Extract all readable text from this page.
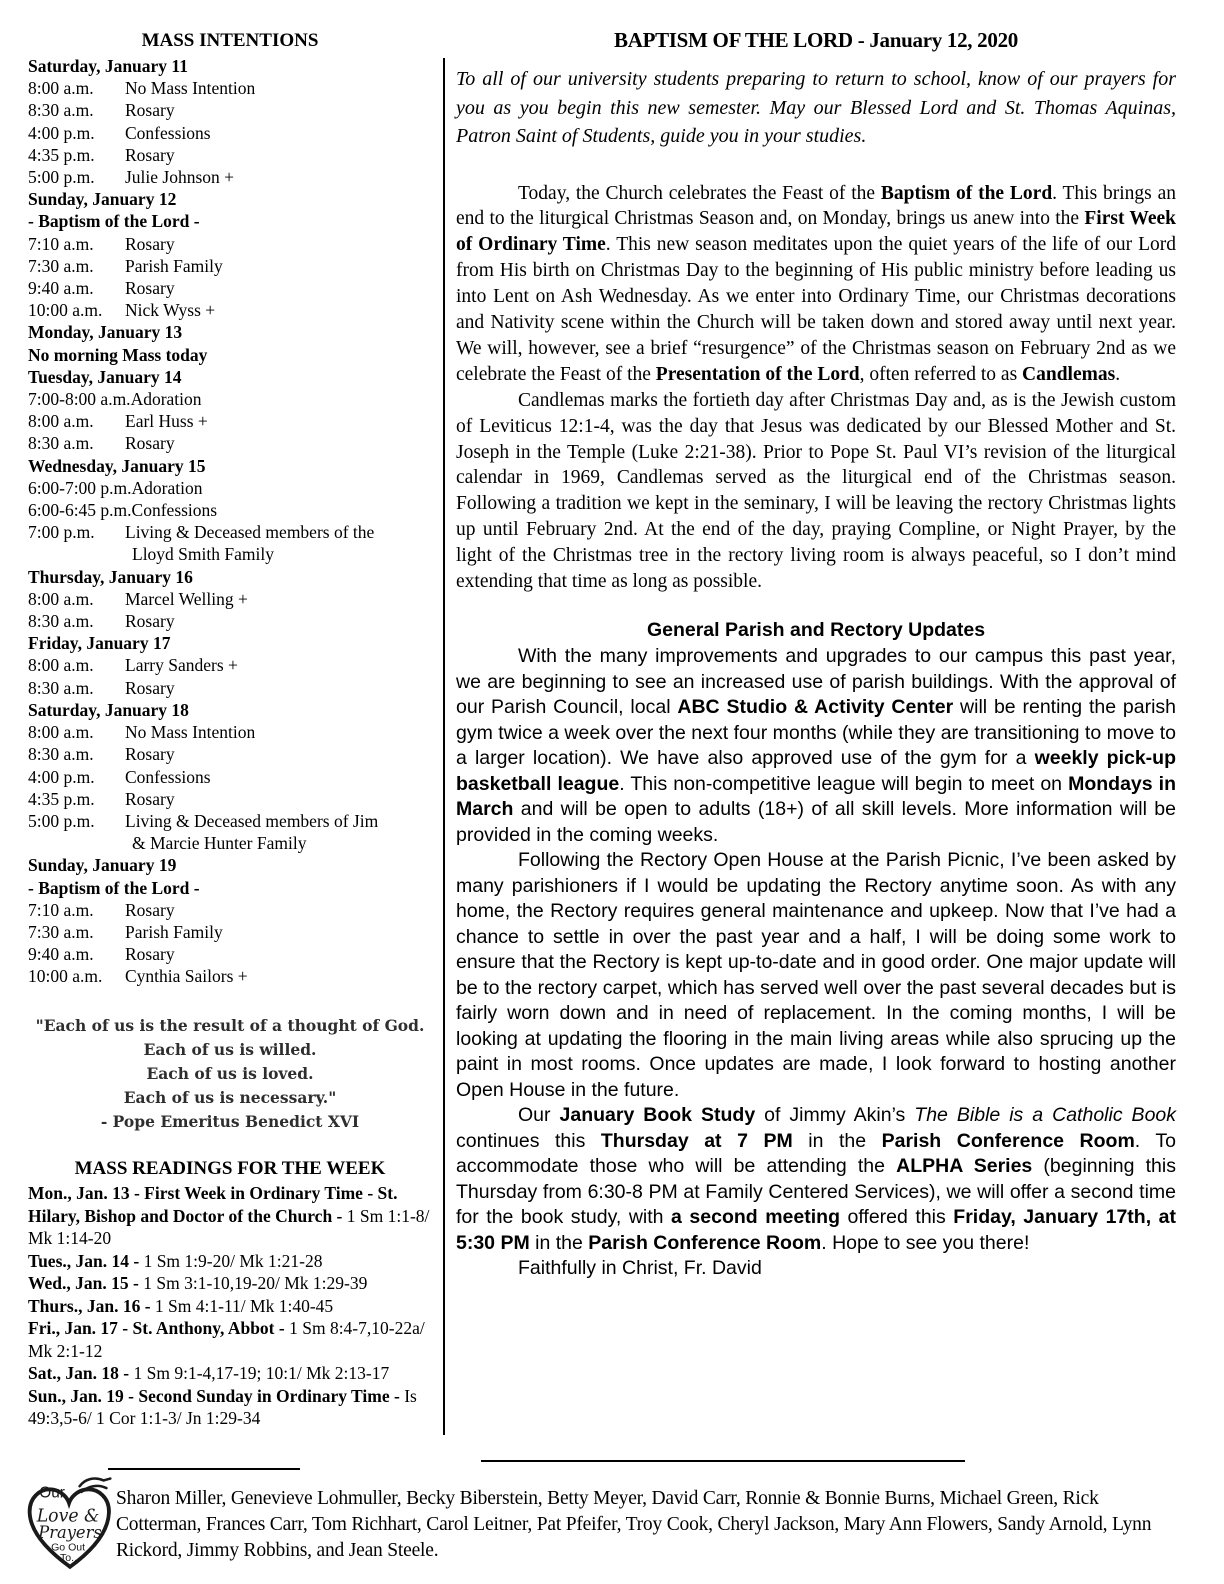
MASS INTENTIONS
Saturday, January 11
8:00 a.m. No Mass Intention
8:30 a.m. Rosary
4:00 p.m. Confessions
4:35 p.m. Rosary
5:00 p.m. Julie Johnson +
Sunday, January 12
- Baptism of the Lord -
7:10 a.m. Rosary
7:30 a.m. Parish Family
9:40 a.m. Rosary
10:00 a.m. Nick Wyss +
Monday, January 13
No morning Mass today
Tuesday, January 14
7:00-8:00 a.m.Adoration
8:00 a.m. Earl Huss +
8:30 a.m. Rosary
Wednesday, January 15
6:00-7:00 p.m.Adoration
6:00-6:45 p.m.Confessions
7:00 p.m. Living & Deceased members of the
Lloyd Smith Family
Thursday, January 16
8:00 a.m. Marcel Welling +
8:30 a.m. Rosary
Friday, January 17
8:00 a.m. Larry Sanders +
8:30 a.m. Rosary
Saturday, January 18
8:00 a.m. No Mass Intention
8:30 a.m. Rosary
4:00 p.m. Confessions
4:35 p.m. Rosary
5:00 p.m. Living & Deceased members of Jim
& Marcie Hunter Family
Sunday, January 19
- Baptism of the Lord -
7:10 a.m. Rosary
7:30 a.m. Parish Family
9:40 a.m. Rosary
10:00 a.m. Cynthia Sailors +
"Each of us is the result of a thought of God.
Each of us is willed.
Each of us is loved.
Each of us is necessary."
- Pope Emeritus Benedict XVI
MASS READINGS FOR THE WEEK
Mon., Jan. 13 - First Week in Ordinary Time - St. Hilary, Bishop and Doctor of the Church - 1 Sm 1:1-8/ Mk 1:14-20
Tues., Jan. 14 - 1 Sm 1:9-20/ Mk 1:21-28
Wed., Jan. 15 - 1 Sm 3:1-10,19-20/ Mk 1:29-39
Thurs., Jan. 16 - 1 Sm 4:1-11/ Mk 1:40-45
Fri., Jan. 17 - St. Anthony, Abbot - 1 Sm 8:4-7,10-22a/ Mk 2:1-12
Sat., Jan. 18 - 1 Sm 9:1-4,17-19; 10:1/ Mk 2:13-17
Sun., Jan. 19 - Second Sunday in Ordinary Time - Is 49:3,5-6/ 1 Cor 1:1-3/ Jn 1:29-34
BAPTISM OF THE LORD - January 12, 2020

To all of our university students preparing to return to school, know of our prayers for you as you begin this new semester. May our Blessed Lord and St. Thomas Aquinas, Patron Saint of Students, guide you in your studies.

Today, the Church celebrates the Feast of the Baptism of the Lord. This brings an end to the liturgical Christmas Season and, on Monday, brings us anew into the First Week of Ordinary Time. This new season meditates upon the quiet years of the life of our Lord from His birth on Christmas Day to the beginning of His public ministry before leading us into Lent on Ash Wednesday. As we enter into Ordinary Time, our Christmas decorations and Nativity scene within the Church will be taken down and stored away until next year. We will, however, see a brief “resurgence” of the Christmas season on February 2nd as we celebrate the Feast of the Presentation of the Lord, often referred to as Candlemas.

Candlemas marks the fortieth day after Christmas Day and, as is the Jewish custom of Leviticus 12:1-4, was the day that Jesus was dedicated by our Blessed Mother and St. Joseph in the Temple (Luke 2:21-38). Prior to Pope St. Paul VI’s revision of the liturgical calendar in 1969, Candlemas served as the liturgical end of the Christmas season. Following a tradition we kept in the seminary, I will be leaving the rectory Christmas lights up until February 2nd. At the end of the day, praying Compline, or Night Prayer, by the light of the Christmas tree in the rectory living room is always peaceful, so I don’t mind extending that time as long as possible.

General Parish and Rectory Updates

With the many improvements and upgrades to our campus this past year, we are beginning to see an increased use of parish buildings. With the approval of our Parish Council, local ABC Studio & Activity Center will be renting the parish gym twice a week over the next four months (while they are transitioning to move to a larger location). We have also approved use of the gym for a weekly pick-up basketball league. This non-competitive league will begin to meet on Mondays in March and will be open to adults (18+) of all skill levels. More information will be provided in the coming weeks.

Following the Rectory Open House at the Parish Picnic, I’ve been asked by many parishioners if I would be updating the Rectory anytime soon. As with any home, the Rectory requires general maintenance and upkeep. Now that I’ve had a chance to settle in over the past year and a half, I will be doing some work to ensure that the Rectory is kept up-to-date and in good order. One major update will be to the rectory carpet, which has served well over the past several decades but is fairly worn down and in need of replacement. In the coming months, I will be looking at updating the flooring in the main living areas while also sprucing up the paint in most rooms. Once updates are made, I look forward to hosting another Open House in the future.

Our January Book Study of Jimmy Akin’s The Bible is a Catholic Book continues this Thursday at 7 PM in the Parish Conference Room. To accommodate those who will be attending the ALPHA Series (beginning this Thursday from 6:30-8 PM at Family Centered Services), we will offer a second time for the book study, with a second meeting offered this Friday, January 17th, at 5:30 PM in the Parish Conference Room. Hope to see you there!

Faithfully in Christ, Fr. David

Our
Love &
Prayers
Go Out
To...
Sharon Miller, Genevieve Lohmuller, Becky Biberstein, Betty Meyer, David Carr, Ronnie & Bonnie Burns, Michael Green, Rick Cotterman, Frances Carr, Tom Richhart, Carol Leitner, Pat Pfeifer, Troy Cook, Cheryl Jackson, Mary Ann Flowers, Sandy Arnold, Lynn Rickord, Jimmy Robbins, and Jean Steele.
